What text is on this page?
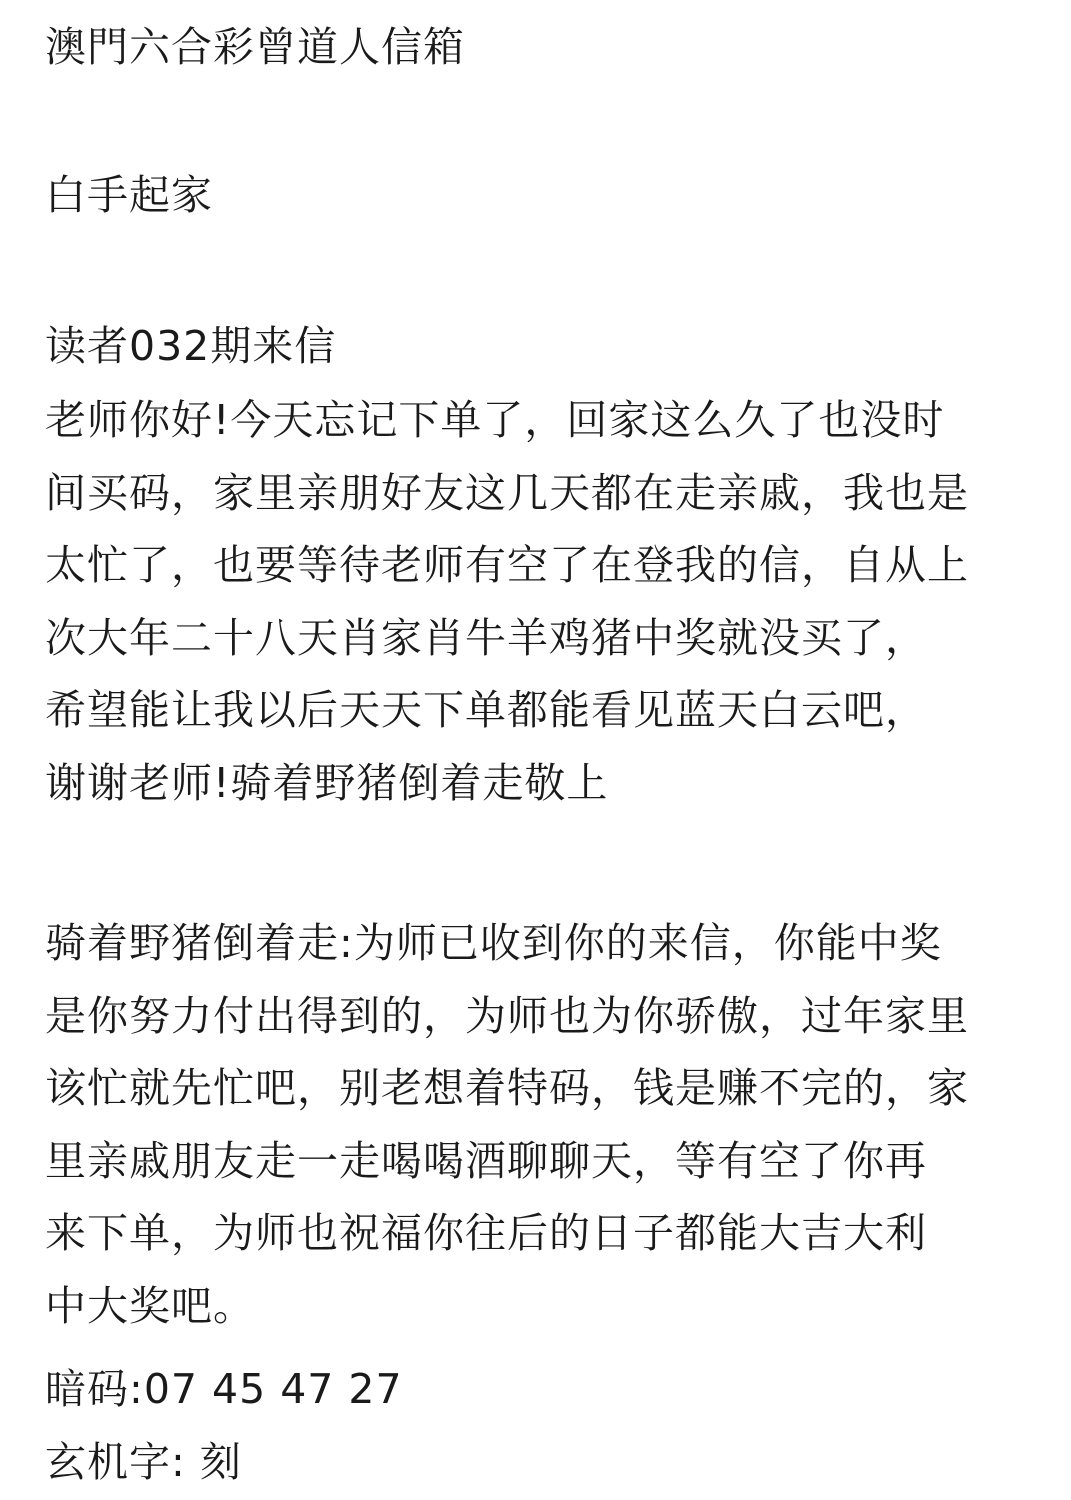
澳門六合彩曾道人信箱
白手起家
读者032期来信
老师你好!今天忘记下单了，回家这么久了也没时
间买码，家里亲朋好友这几天都在走亲戚，我也是
太忙了，也要等待老师有空了在登我的信，自从上
次大年二十八天肖家肖牛羊鸡猪中奖就没买了，
希望能让我以后天天下单都能看见蓝天白云吧，
谢谢老师!骑着野猪倒着走敬上
骑着野猪倒着走:为师已收到你的来信，你能中奖
是你努力付出得到的，为师也为你骄傲，过年家里
该忙就先忙吧，别老想着特码，钱是赚不完的，家
里亲戚朋友走一走喝喝酒聊聊天，等有空了你再
来下单，为师也祝福你往后的日子都能大吉大利
中大奖吧。
暗码:07 45 47 27
玄机字: 刻
